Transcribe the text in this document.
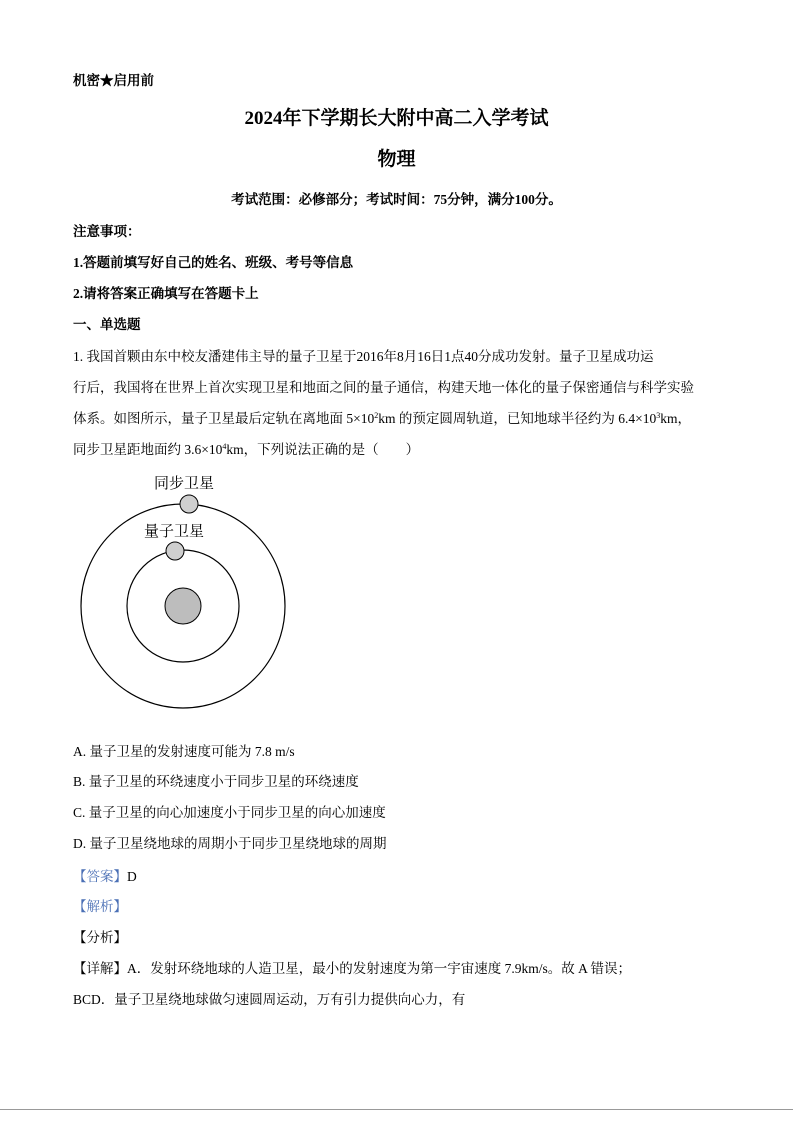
机密★启用前
2024年下学期长大附中高二入学考试
物理
考试范围：必修部分；考试时间：75分钟，满分100分。
注意事项：
1.答题前填写好自己的姓名、班级、考号等信息
2.请将答案正确填写在答题卡上
一、单选题
1. 我国首颗由东中校友潘建伟主导的量子卫星于2016年8月16日1点40分成功发射。量子卫星成功运
行后，我国将在世界上首次实现卫星和地面之间的量子通信，构建天地一体化的量子保密通信与科学实验
体系。如图所示，量子卫星最后定轨在离地面 $5\times 10^2km$ 的预定圆周轨道，已知地球半径约为 $6.4\times 10^3km$，
同步卫星距地面约 $3.6\times 10^4km$，下列说法正确的是（　　）
同步卫星
量子卫星
A. 量子卫星的发射速度可能为 7.8 m/s
B. 量子卫星的环绕速度小于同步卫星的环绕速度
C. 量子卫星的向心加速度小于同步卫星的向心加速度
D. 量子卫星绕地球的周期小于同步卫星绕地球的周期
【答案】D
【解析】
【分析】
【详解】A．发射环绕地球的人造卫星，最小的发射速度为第一宇宙速度 7.9km/s。故 A 错误；
BCD．量子卫星绕地球做匀速圆周运动，万有引力提供向心力，有
